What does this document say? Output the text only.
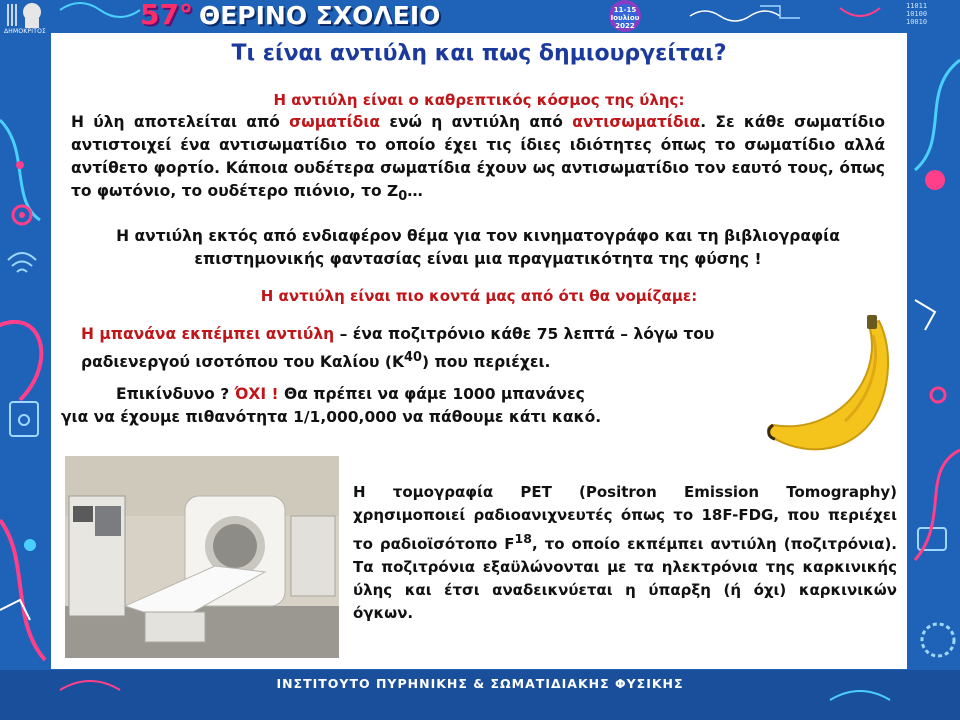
ΔΗΜΟΚΡΙΤΟΣ
57° ΘΕΡΙΝΟ ΣΧΟΛΕΙΟ	11-15
Ιουλίου
2022
11011
10100
10010
Τι είναι αντιύλη και πως δημιουργείται?
Η αντιύλη είναι ο καθρεπτικός κόσμος της ύλης:
Η ύλη αποτελείται από σωματίδια ενώ η αντιύλη από αντισωματίδια. Σε κάθε σωματίδιο αντιστοιχεί ένα αντισωματίδιο το οποίο έχει τις ίδιες ιδιότητες όπως το σωματίδιο αλλά αντίθετο φορτίο. Κάποια ουδέτερα σωματίδια έχουν ως αντισωματίδιο τον εαυτό τους, όπως το φωτόνιο, το ουδέτερο πιόνιο, το $Z_0\dots$
Η αντιύλη εκτός από ενδιαφέρον θέμα για τον κινηματογράφο και τη βιβλιογραφία επιστημονικής φαντασίας είναι μια πραγματικότητα της φύσης !
Η αντιύλη είναι πιο κοντά μας από ότι θα νομίζαμε:
Η μπανάνα εκπέμπει αντιύλη – ένα ποζιτρόνιο κάθε 75 λεπτά – λόγω του ραδιενεργού ισοτόπου του Καλίου $(K^{40})$ που περιέχει.
Επικίνδυνο ? ΌΧΙ ! Θα πρέπει να φάμε 1000 μπανάνες
για να έχουμε πιθανότητα 1/1,000,000 να πάθουμε κάτι κακό.
Η τομογραφία PET (Positron Emission Tomography) χρησιμοποιεί ραδιοανιχνευτές όπως το 18F-FDG, που περιέχει το ραδιοϊσότοπο $F^{18}$, το οποίο εκπέμπει αντιύλη (ποζιτρόνια). Τα ποζιτρόνια εξαϋλώνονται με τα ηλεκτρόνια της καρκινικής ύλης και έτσι αναδεικνύεται η ύπαρξη (ή όχι) καρκινικών όγκων.
ΙΝΣΤΙΤΟΥΤΟ ΠΥΡΗΝΙΚΗΣ & ΣΩΜΑΤΙΔΙΑΚΗΣ ΦΥΣΙΚΗΣ
